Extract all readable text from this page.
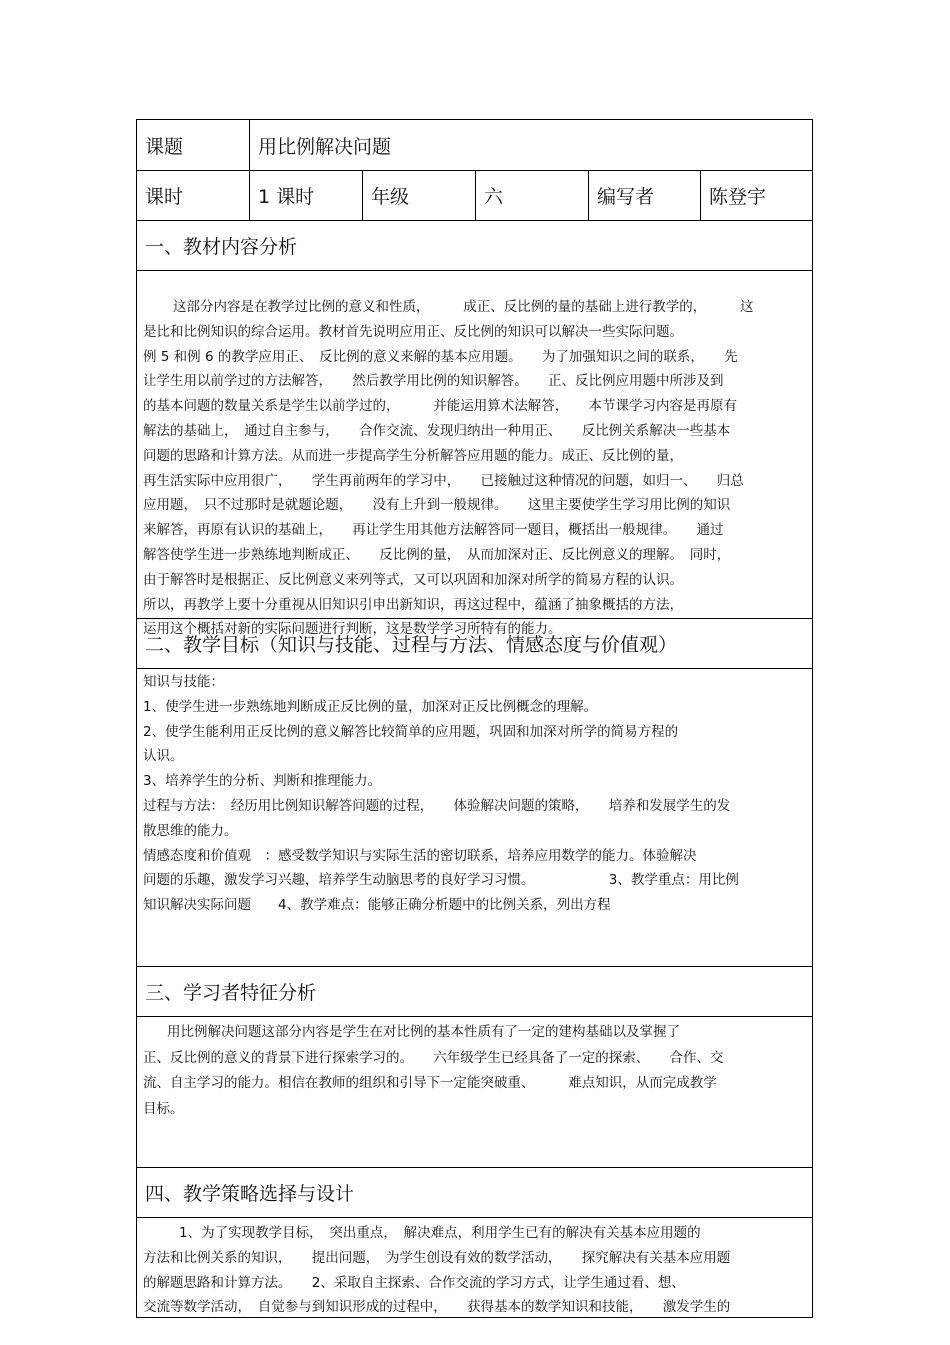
课题	用比例解决问题
课时	1 课时	年级	六	编写者	陈登宇
一、教材内容分析

这部分内容是在教学过比例的意义和性质，　　　成正、反比例的量的基础上进行教学的，　　　这

是比和比例知识的综合运用。教材首先说明应用正、反比例的知识可以解决一些实际问题。

例 5 和例 6 的教学应用正、　反比例的意义来解的基本应用题。　　为了加强知识之间的联系，　　先

让学生用以前学过的方法解答，　　然后教学用比例的知识解答。　　正、反比例应用题中所涉及到

的基本问题的数量关系是学生以前学过的，　　　并能运用算术法解答，　　本节课学习内容是再原有

解法的基础上，　通过自主参与，　　合作交流、发现归纳出一种用正、　　反比例关系解决一些基本

问题的思路和计算方法。从而进一步提高学生分析解答应用题的能力。成正、反比例的量，

再生活实际中应用很广，　　学生再前两年的学习中，　　已接触过这种情况的问题，如归一、　　归总

应用题，　只不过那时是就题论题，　　没有上升到一般规律。　　这里主要使学生学习用比例的知识

来解答，再原有认识的基础上，　　再让学生用其他方法解答同一题目，概括出一般规律。　　通过

解答使学生进一步熟练地判断成正、　　反比例的量，　从而加深对正、反比例意义的理解。　同时，

由于解答时是根据正、反比例意义来列等式，又可以巩固和加深对所学的简易方程的认识。

所以，再教学上要十分重视从旧知识引申出新知识，再这过程中，蕴涵了抽象概括的方法，

运用这个概括对新的实际问题进行判断，这是数学学习所特有的能力。

二、教学目标（知识与技能、过程与方法、情感态度与价值观）

知识与技能：

1、使学生进一步熟练地判断成正反比例的量，加深对正反比例概念的理解。

2、使学生能利用正反比例的意义解答比较简单的应用题，巩固和加深对所学的简易方程的

认识。

3、培养学生的分析、判断和推理能力。

过程与方法：　经历用比例知识解答问题的过程，　　体验解决问题的策略，　　培养和发展学生的发

散思维的能力。

情感态度和价值观　：感受数学知识与实际生活的密切联系，培养应用数学的能力。体验解决

问题的乐趣，激发学习兴趣，培养学生动脑思考的良好学习习惯。　　　　　　3、教学重点：用比例

知识解决实际问题　　4、教学难点：能够正确分析题中的比例关系，列出方程

三、学习者特征分析

用比例解决问题这部分内容是学生在对比例的基本性质有了一定的建构基础以及掌握了

正、反比例的意义的背景下进行探索学习的。　　六年级学生已经具备了一定的探索、　　合作、交

流、自主学习的能力。相信在教师的组织和引导下一定能突破重、　　　难点知识，从而完成教学

目标。

四、教学策略选择与设计

1、为了实现教学目标，　突出重点，　解决难点，利用学生已有的解决有关基本应用题的

方法和比例关系的知识，　　提出问题，　为学生创设有效的数学活动，　　探究解决有关基本应用题

的解题思路和计算方法。　　2、采取自主探索、合作交流的学习方式，让学生通过看、想、

交流等数学活动，　自觉参与到知识形成的过程中，　　获得基本的数学知识和技能，　　激发学生的
